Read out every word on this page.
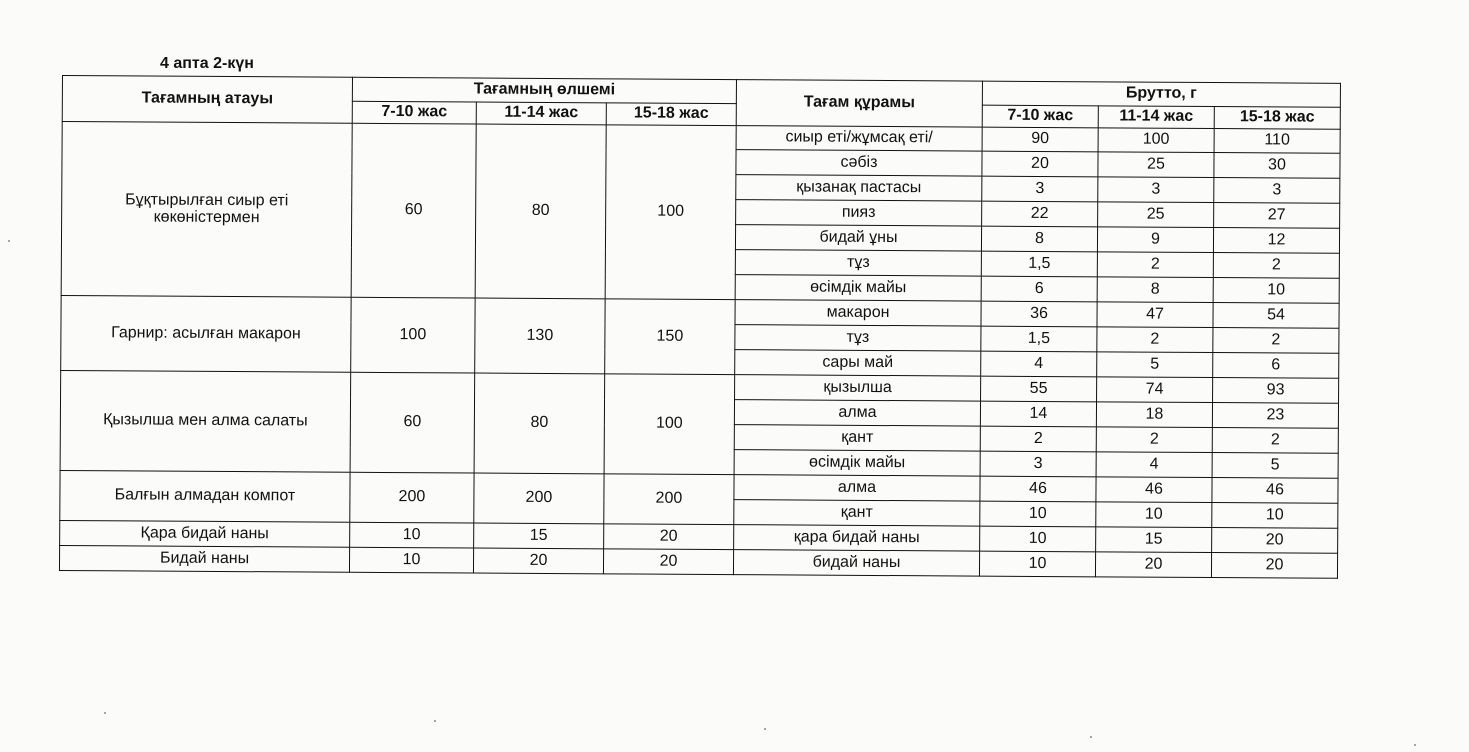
4 апта 2-күн
Тағамның атауы	Тағамның өлшемі			Тағам құрамы	Брутто, г		
	7-10 жас	11-14 жас	15-18 жас		7-10 жас	11-14 жас	15-18 жас
Бұқтырылған сиыр еті көкөністермен	60	80	100	сиыр еті/жұмсақ еті/	90	100	110
				сәбіз	20	25	30
				қызанақ пастасы	3	3	3
				пияз	22	25	27
				бидай ұны	8	9	12
				тұз	1,5	2	2
				өсімдік майы	6	8	10
Гарнир: асылған макарон	100	130	150	макарон	36	47	54
				тұз	1,5	2	2
				сары май	4	5	6
Қызылша мен алма салаты	60	80	100	қызылша	55	74	93
				алма	14	18	23
				қант	2	2	2
				өсімдік майы	3	4	5
Балғын алмадан компот	200	200	200	алма	46	46	46
				қант	10	10	10
Қара бидай наны	10	15	20	қара бидай наны	10	15	20
Бидай наны	10	20	20	бидай наны	10	20	20
